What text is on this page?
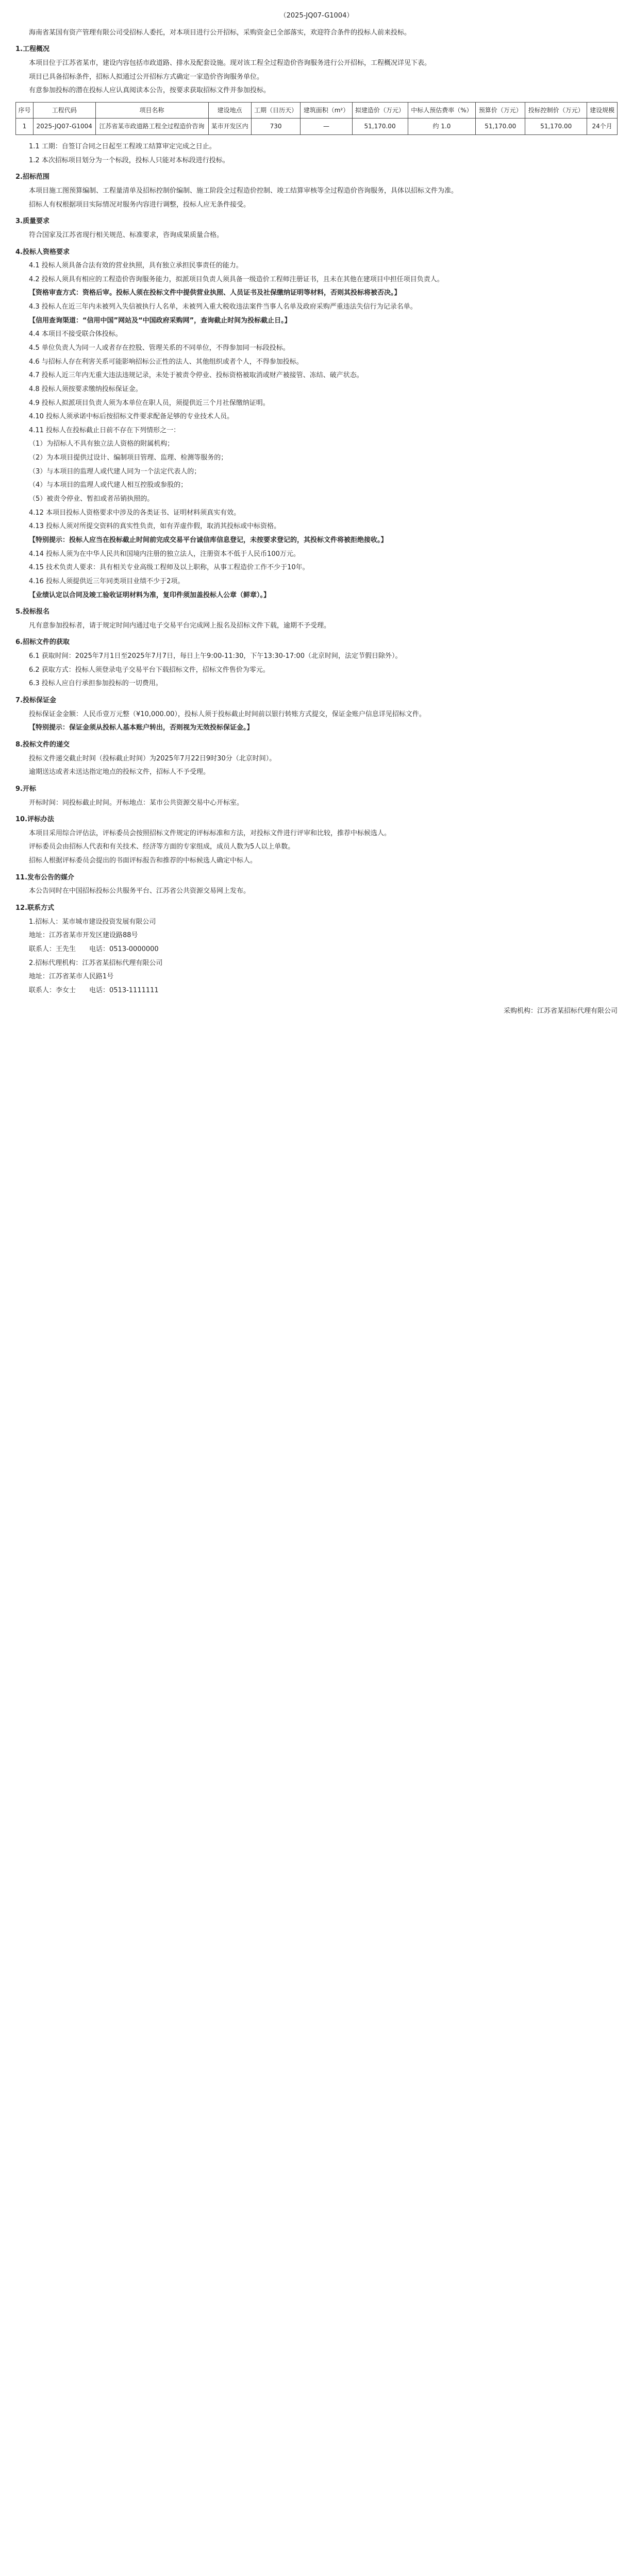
（2025-JQ07-G1004）

海南省某国有资产管理有限公司受招标人委托，对本项目进行公开招标，采购资金已全部落实，欢迎符合条件的投标人前来投标。

1.工程概况

本项目位于江苏省某市，建设内容包括市政道路、排水及配套设施。现对该工程全过程造价咨询服务进行公开招标，工程概况详见下表。

项目已具备招标条件，招标人拟通过公开招标方式确定一家造价咨询服务单位。

有意参加投标的潜在投标人应认真阅读本公告，按要求获取招标文件并参加投标。

序号	工程代码	项目名称	建设地点	工期（日历天）	建筑面积（m²）	拟建造价（万元）	中标人预估费率（%）	预算价（万元）	投标控制价（万元）	建设规模
1	2025-JQ07-G1004	江苏省某市政道路工程全过程造价咨询	某市开发区内	730	—	51,170.00	约 1.0	51,170.00	51,170.00	24个月

1.1 工期：自签订合同之日起至工程竣工结算审定完成之日止。

1.2 本次招标项目划分为一个标段，投标人只能对本标段进行投标。

2.招标范围

本项目施工图预算编制、工程量清单及招标控制价编制、施工阶段全过程造价控制、竣工结算审核等全过程造价咨询服务，具体以招标文件为准。

招标人有权根据项目实际情况对服务内容进行调整，投标人应无条件接受。

3.质量要求

符合国家及江苏省现行相关规范、标准要求，咨询成果质量合格。

4.投标人资格要求

4.1 投标人须具备合法有效的营业执照，具有独立承担民事责任的能力。

4.2 投标人须具有相应的工程造价咨询服务能力，拟派项目负责人须具备一级造价工程师注册证书，且未在其他在建项目中担任项目负责人。

【资格审查方式：资格后审。投标人须在投标文件中提供营业执照、人员证书及社保缴纳证明等材料，否则其投标将被否决。】

4.3 投标人在近三年内未被列入失信被执行人名单，未被列入重大税收违法案件当事人名单及政府采购严重违法失信行为记录名单。

【信用查询渠道：“信用中国”网站及“中国政府采购网”，查询截止时间为投标截止日。】

4.4 本项目不接受联合体投标。

4.5 单位负责人为同一人或者存在控股、管理关系的不同单位，不得参加同一标段投标。

4.6 与招标人存在利害关系可能影响招标公正性的法人、其他组织或者个人，不得参加投标。

4.7 投标人近三年内无重大违法违规记录，未处于被责令停业、投标资格被取消或财产被接管、冻结、破产状态。

4.8 投标人须按要求缴纳投标保证金。

4.9 投标人拟派项目负责人须为本单位在职人员，须提供近三个月社保缴纳证明。

4.10 投标人须承诺中标后按招标文件要求配备足够的专业技术人员。

4.11 投标人在投标截止日前不存在下列情形之一：

（1）为招标人不具有独立法人资格的附属机构；

（2）为本项目提供过设计、编制项目管理、监理、检测等服务的；

（3）与本项目的监理人或代建人同为一个法定代表人的；

（4）与本项目的监理人或代建人相互控股或参股的；

（5）被责令停业、暂扣或者吊销执照的。

4.12 本项目投标人资格要求中涉及的各类证书、证明材料须真实有效。

4.13 投标人须对所提交资料的真实性负责，如有弄虚作假，取消其投标或中标资格。

【特别提示：投标人应当在投标截止时间前完成交易平台诚信库信息登记，未按要求登记的，其投标文件将被拒绝接收。】

4.14 投标人须为在中华人民共和国境内注册的独立法人，注册资本不低于人民币100万元。

4.15 技术负责人要求：具有相关专业高级工程师及以上职称，从事工程造价工作不少于10年。

4.16 投标人须提供近三年同类项目业绩不少于2项。

【业绩认定以合同及竣工验收证明材料为准，复印件须加盖投标人公章（鲜章）。】

5.投标报名

凡有意参加投标者，请于规定时间内通过电子交易平台完成网上报名及招标文件下载，逾期不予受理。

6.招标文件的获取

6.1 获取时间：2025年7月1日至2025年7月7日，每日上午9:00-11:30，下午13:30-17:00（北京时间，法定节假日除外）。

6.2 获取方式：投标人须登录电子交易平台下载招标文件，招标文件售价为零元。

6.3 投标人应自行承担参加投标的一切费用。

7.投标保证金

投标保证金金额：人民币壹万元整（¥10,000.00），投标人须于投标截止时间前以银行转账方式提交，保证金账户信息详见招标文件。

【特别提示：保证金须从投标人基本账户转出，否则视为无效投标保证金。】

8.投标文件的递交

投标文件递交截止时间（投标截止时间）为2025年7月22日9时30分（北京时间）。

逾期送达或者未送达指定地点的投标文件，招标人不予受理。

9.开标

开标时间：同投标截止时间。开标地点：某市公共资源交易中心开标室。

10.评标办法

本项目采用综合评估法，评标委员会按照招标文件规定的评标标准和方法，对投标文件进行评审和比较，推荐中标候选人。

评标委员会由招标人代表和有关技术、经济等方面的专家组成，成员人数为5人以上单数。

招标人根据评标委员会提出的书面评标报告和推荐的中标候选人确定中标人。

11.发布公告的媒介

本公告同时在中国招标投标公共服务平台、江苏省公共资源交易网上发布。

12.联系方式

1.招标人：某市城市建设投资发展有限公司

地址：江苏省某市开发区建设路88号

联系人：王先生　　电话：0513-0000000

2.招标代理机构：江苏省某招标代理有限公司

地址：江苏省某市人民路1号

联系人：李女士　　电话：0513-1111111

采购机构：江苏省某招标代理有限公司
